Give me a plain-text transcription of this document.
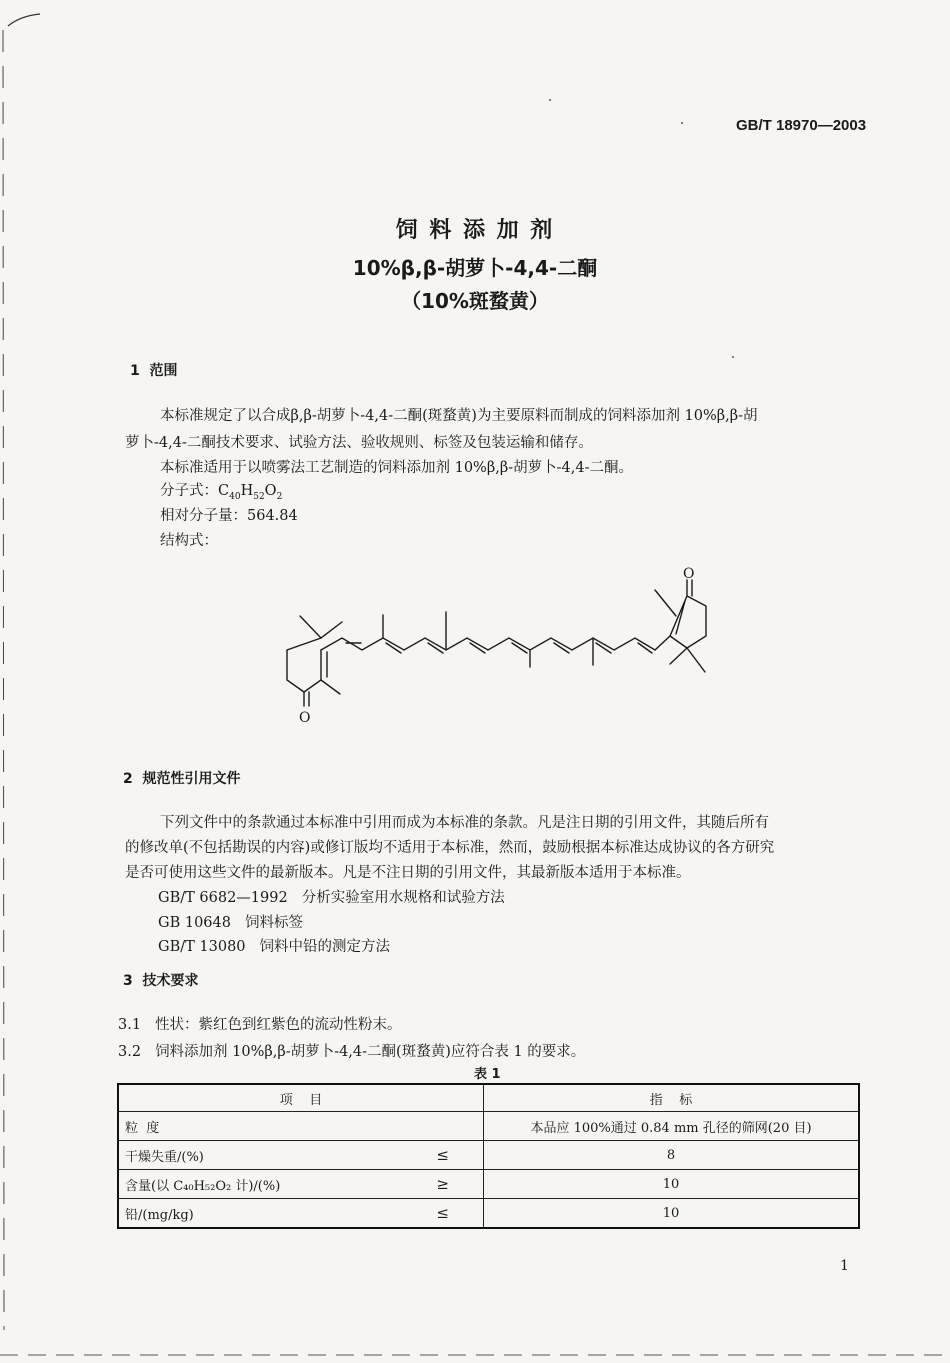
GB/T 18970—2003
饲 料 添 加 剂
10%β,β-胡萝卜-4,4-二酮
（10%斑蝥黄）
1  范围
本标准规定了以合成β,β-胡萝卜-4,4-二酮(斑蝥黄)为主要原料而制成的饲料添加剂 10%β,β-胡
萝卜-4,4-二酮技术要求、试验方法、验收规则、标签及包装运输和储存。
本标准适用于以喷雾法工艺制造的饲料添加剂 10%β,β-胡萝卜-4,4-二酮。
分子式：$C_{40}H_{52}O_2$
相对分子量：564.84
结构式：
O
O
2  规范性引用文件
下列文件中的条款通过本标准中引用而成为本标准的条款。凡是注日期的引用文件，其随后所有
的修改单(不包括勘误的内容)或修订版均不适用于本标准，然而，鼓励根据本标准达成协议的各方研究
是否可使用这些文件的最新版本。凡是不注日期的引用文件，其最新版本适用于本标准。
GB/T 6682—1992 分析实验室用水规格和试验方法
GB 10648 饲料标签
GB/T 13080 饲料中铅的测定方法
3  技术要求
3.1 性状：紫红色到红紫色的流动性粉末。
3.2 饲料添加剂 10%β,β-胡萝卜-4,4-二酮(斑蝥黄)应符合表 1 的要求。
表 1
项    目	指    标
粒  度	本品应 100%通过 0.84 mm 孔径的筛网(20 目)
干燥失重/(%) ≤	8
含量(以 C₄₀H₅₂O₂ 计)/(%) ≥	10
铅/(mg/kg) ≤	10
1
